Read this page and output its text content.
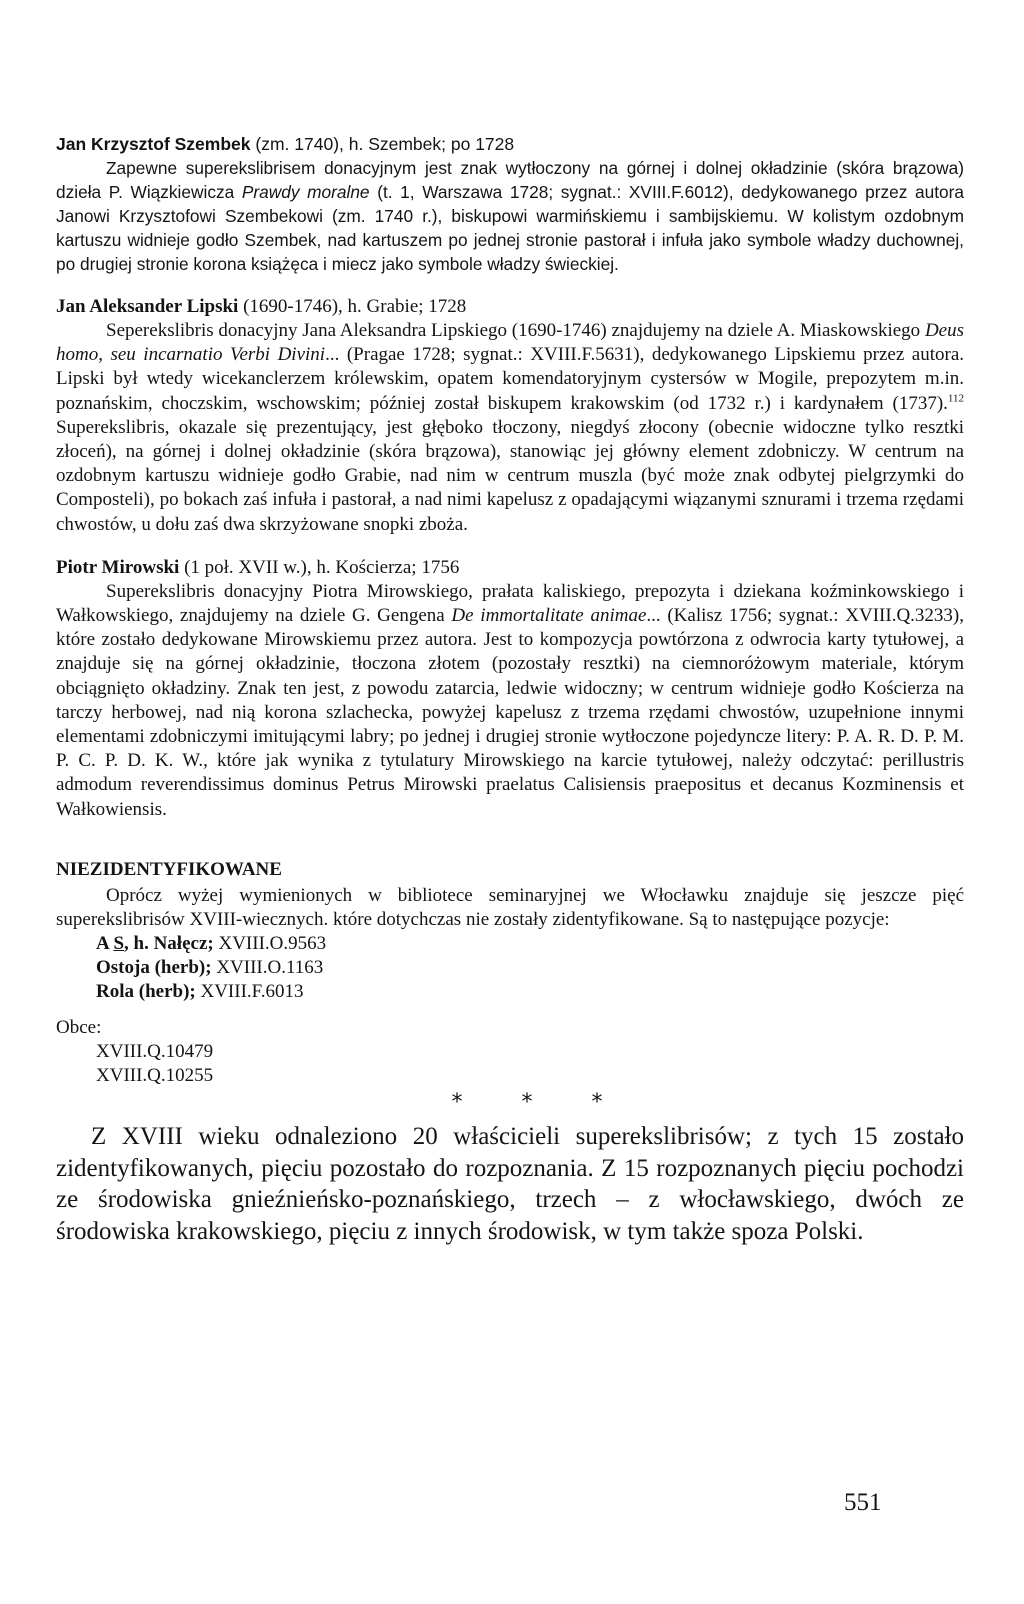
Jan Krzysztof Szembek (zm. 1740), h. Szembek; po 1728

Zapewne superekslibrisem donacyjnym jest znak wytłoczony na górnej i dolnej okładzinie (skóra brązowa) dzieła P. Wiązkiewicza Prawdy moralne (t. 1, Warszawa 1728; sygnat.: XVIII.F.6012), dedykowanego przez autora Janowi Krzysztofowi Szembekowi (zm. 1740 r.), biskupowi warmińskiemu i sambijskiemu. W kolistym ozdobnym kartuszu widnieje godło Szembek, nad kartuszem po jednej stronie pastorał i infuła jako symbole władzy duchownej, po drugiej stronie korona książęca i miecz jako symbole władzy świeckiej.

Jan Aleksander Lipski (1690-1746), h. Grabie; 1728

Seperekslibris donacyjny Jana Aleksandra Lipskiego (1690-1746) znajdujemy na dziele A. Miaskowskiego Deus homo, seu incarnatio Verbi Divini... (Pragae 1728; sygnat.: XVIII.F.5631), dedykowanego Lipskiemu przez autora. Lipski był wtedy wicekanclerzem królewskim, opatem komendatoryjnym cystersów w Mogile, prepozytem m.in. poznańskim, choczskim, wschowskim; później został biskupem krakowskim (od 1732 r.) i kardynałem (1737).$^{112}$ Superekslibris, okazale się prezentujący, jest głęboko tłoczony, niegdyś złocony (obecnie widoczne tylko resztki złoceń), na górnej i dolnej okładzinie (skóra brązowa), stanowiąc jej główny element zdobniczy. W centrum na ozdobnym kartuszu widnieje godło Grabie, nad nim w centrum muszla (być może znak odbytej pielgrzymki do Composteli), po bokach zaś infuła i pastorał, a nad nimi kapelusz z opadającymi wiązanymi sznurami i trzema rzędami chwostów, u dołu zaś dwa skrzyżowane snopki zboża.

Piotr Mirowski (1 poł. XVII w.), h. Kościerza; 1756

Superekslibris donacyjny Piotra Mirowskiego, prałata kaliskiego, prepozyta i dziekana koźminkowskiego i Wałkowskiego, znajdujemy na dziele G. Gengena De immortalitate animae... (Kalisz 1756; sygnat.: XVIII.Q.3233), które zostało dedykowane Mirowskiemu przez autora. Jest to kompozycja powtórzona z odwrocia karty tytułowej, a znajduje się na górnej okładzinie, tłoczona złotem (pozostały resztki) na ciemnoróżowym materiale, którym obciągnięto okładziny. Znak ten jest, z powodu zatarcia, ledwie widoczny; w centrum widnieje godło Kościerza na tarczy herbowej, nad nią korona szlachecka, powyżej kapelusz z trzema rzędami chwostów, uzupełnione innymi elementami zdobniczymi imitującymi labry; po jednej i drugiej stronie wytłoczone pojedyncze litery: P. A. R. D. P. M. P. C. P. D. K. W., które jak wynika z tytulatury Mirowskiego na karcie tytułowej, należy odczytać: perillustris admodum reverendissimus dominus Petrus Mirowski praelatus Calisiensis praepositus et decanus Kozminensis et Wałkowiensis.

NIEZIDENTYFIKOWANE

Oprócz wyżej wymienionych w bibliotece seminaryjnej we Włocławku znajduje się jeszcze pięć superekslibrisów XVIII-wiecznych. które dotychczas nie zostały zidentyfikowane. Są to następujące pozycje:

A S, h. Nałęcz; XVIII.O.9563
Ostoja (herb); XVIII.O.1163
Rola (herb); XVIII.F.6013
Obce:
XVIII.Q.10479
XVIII.Q.10255
* * *

Z XVIII wieku odnaleziono 20 właścicieli superekslibrisów; z tych 15 zostało zidentyfikowanych, pięciu pozostało do rozpoznania. Z 15 rozpoznanych pięciu pochodzi ze środowiska gnieźnieńsko-poznańskiego, trzech – z włocławskiego, dwóch ze środowiska krakowskiego, pięciu z innych środowisk, w tym także spoza Polski.

551
